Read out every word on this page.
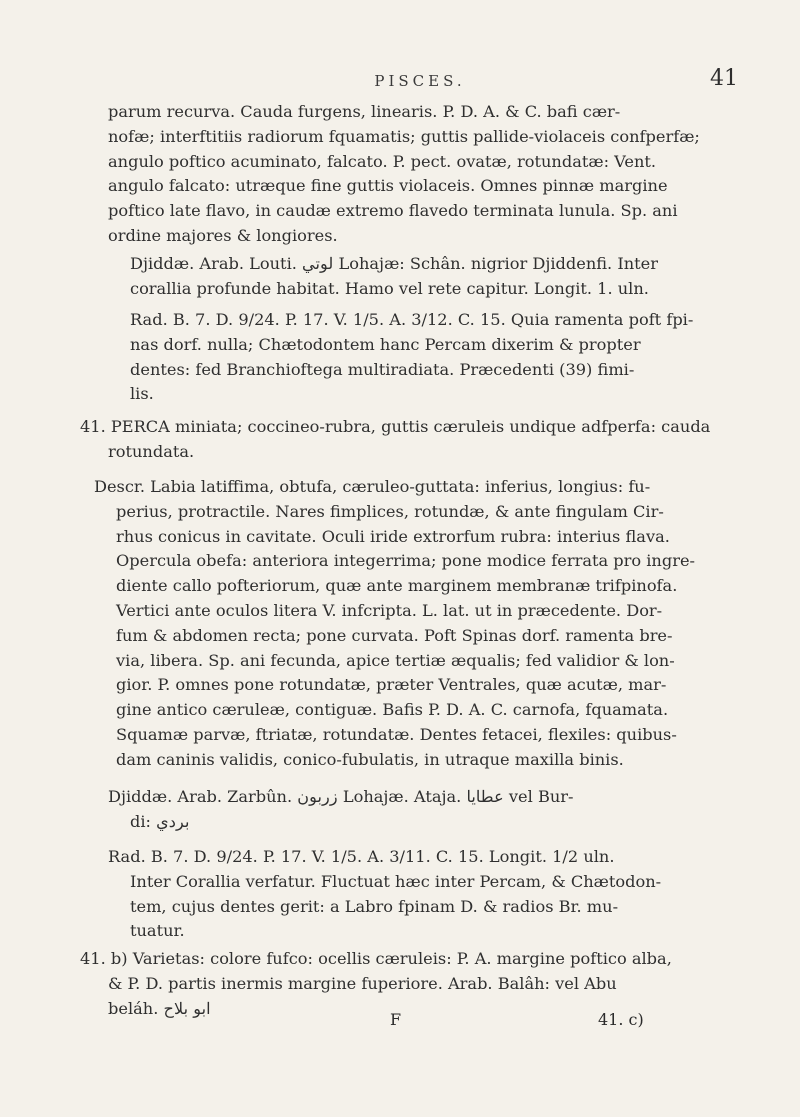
PISCES.	41

parum recurva. Cauda furgens, linearis. P. D. A. & C. bafi cær-

nofæ; interftitiis radiorum fquamatis; guttis pallide-violaceis confperfæ;

angulo poftico acuminato, falcato. P. pect. ovatæ, rotundatæ: Vent.

angulo falcato: utræque fine guttis violaceis. Omnes pinnæ margine

poftico late flavo, in caudæ extremo flavedo terminata lunula. Sp. ani

ordine majores & longiores.

Djiddæ. Arab. Louti. لوتي Lohajæ: Schân. nigrior Djiddenfi. Inter

corallia profunde habitat. Hamo vel rete capitur. Longit. 1. uln.

Rad. B. 7. D. 9/24. P. 17. V. 1/5. A. 3/12. C. 15. Quia ramenta poft fpi-

nas dorf. nulla; Chætodontem hanc Percam dixerim & propter

dentes: fed Branchioftega multiradiata. Præcedenti (39) fimi-

lis.

41. PERCA miniata; coccineo-rubra, guttis cæruleis undique adfperfa: cauda

rotundata.

Descr. Labia latiffima, obtufa, cæruleo-guttata: inferius, longius: fu-

perius, protractile. Nares fimplices, rotundæ, & ante fingulam Cir-

rhus conicus in cavitate. Oculi iride extrorfum rubra: interius flava.

Opercula obefa: anteriora integerrima; pone modice ferrata pro ingre-

diente callo pofteriorum, quæ ante marginem membranæ trifpinofa.

Vertici ante oculos litera V. infcripta. L. lat. ut in præcedente. Dor-

fum & abdomen recta; pone curvata. Poft Spinas dorf. ramenta bre-

via, libera. Sp. ani fecunda, apice tertiæ æqualis; fed validior & lon-

gior. P. omnes pone rotundatæ, præter Ventrales, quæ acutæ, mar-

gine antico cæruleæ, contiguæ. Bafis P. D. A. C. carnofa, fquamata.

Squamæ parvæ, ftriatæ, rotundatæ. Dentes fetacei, flexiles: quibus-

dam caninis validis, conico-fubulatis, in utraque maxilla binis.

Djiddæ. Arab. Zarbûn. زربون Lohajæ. Ataja. عطايا vel Bur-

di: بردي

Rad. B. 7. D. 9/24. P. 17. V. 1/5. A. 3/11. C. 15. Longit. 1/2 uln.

Inter Corallia verfatur. Fluctuat hæc inter Percam, & Chætodon-

tem, cujus dentes gerit: a Labro fpinam D. & radios Br. mu-

tuatur.

41. b) Varietas: colore fufco: ocellis cæruleis: P. A. margine poftico alba,

& P. D. partis inermis margine fuperiore. Arab. Balâh: vel Abu

beláh. ابو بلاح

F	41. c)
